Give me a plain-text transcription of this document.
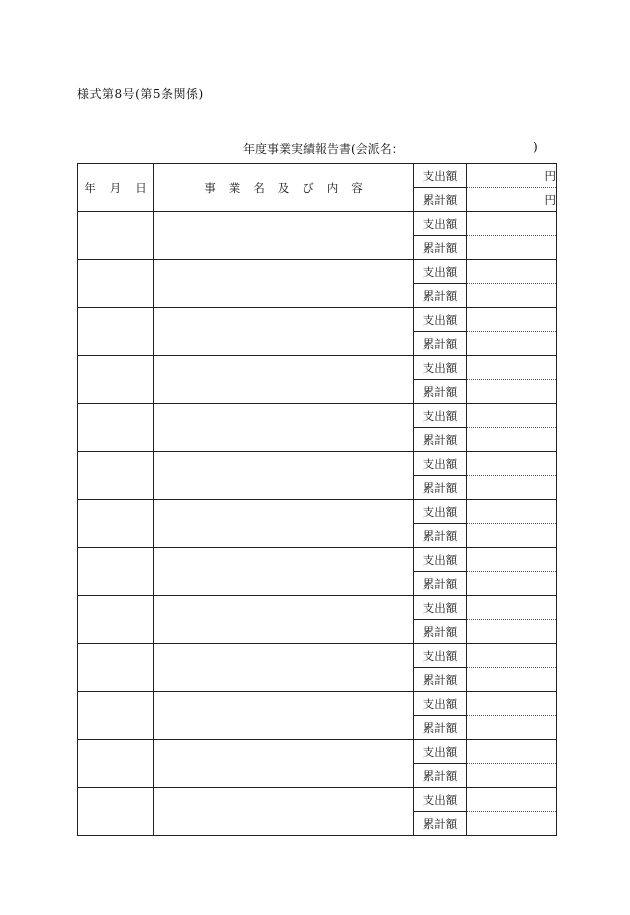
様式第8号(第5条関係)
年度事業実績報告書(会派名：	)
年 月 日	事 業 名 及 び 内 容	支出額	円
		累計額	円
		支出額	
		累計額	
		支出額	
		累計額	
		支出額	
		累計額	
		支出額	
		累計額	
		支出額	
		累計額	
		支出額	
		累計額	
		支出額	
		累計額	
		支出額	
		累計額	
		支出額	
		累計額	
		支出額	
		累計額	
		支出額	
		累計額	
		支出額	
		累計額	
		支出額	
		累計額	
